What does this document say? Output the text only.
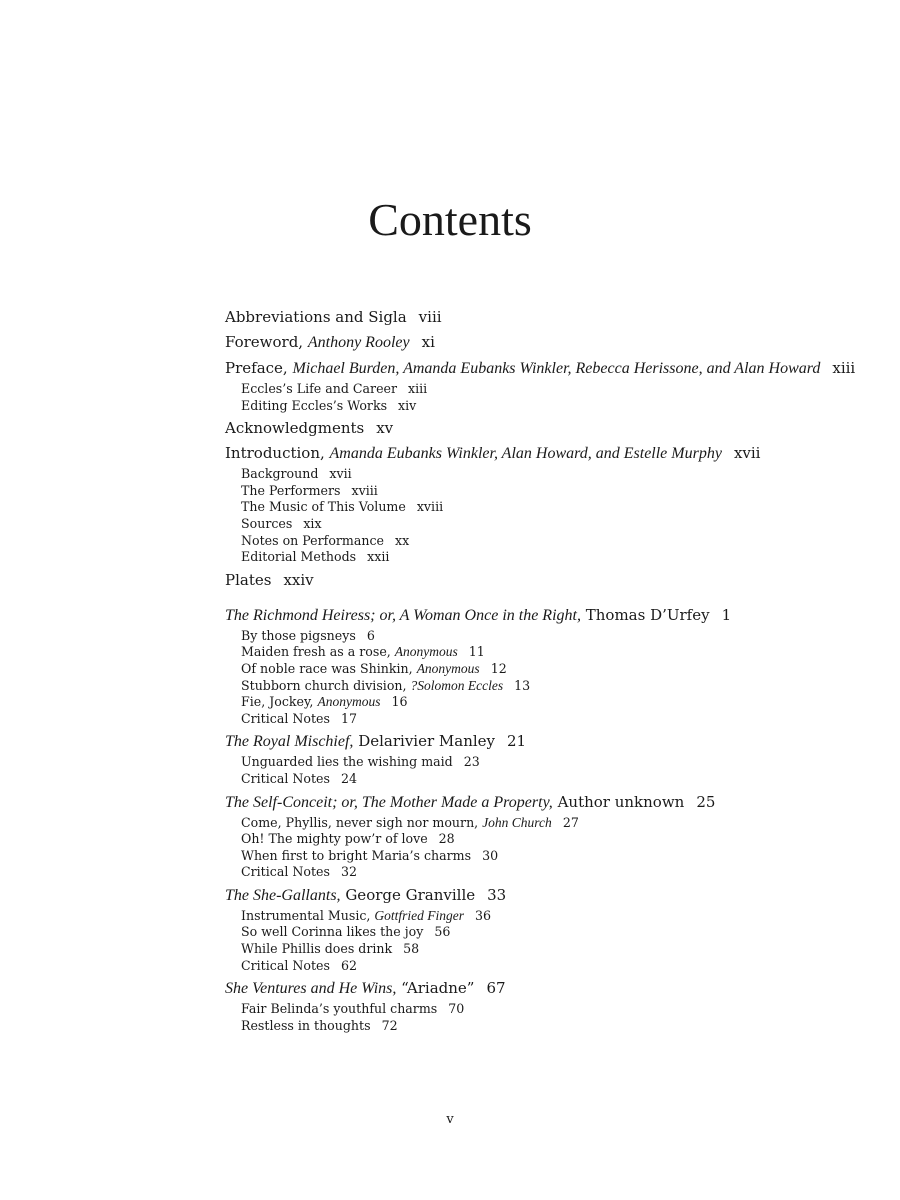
Contents
Abbreviations and Sigla viii
Foreword, Anthony Rooley xi
Preface, Michael Burden, Amanda Eubanks Winkler, Rebecca Herissone, and Alan Howard xiii
Eccles’s Life and Career xiii
Editing Eccles’s Works xiv
Acknowledgments xv
Introduction, Amanda Eubanks Winkler, Alan Howard, and Estelle Murphy xvii
Background xvii
The Performers xviii
The Music of This Volume xviii
Sources xix
Notes on Performance xx
Editorial Methods xxii
Plates xxiv
The Richmond Heiress; or, A Woman Once in the Right, Thomas D’Urfey 1
By those pigsneys 6
Maiden fresh as a rose, Anonymous 11
Of noble race was Shinkin, Anonymous 12
Stubborn church division, ?Solomon Eccles 13
Fie, Jockey, Anonymous 16
Critical Notes 17
The Royal Mischief, Delarivier Manley 21
Unguarded lies the wishing maid 23
Critical Notes 24
The Self-Conceit; or, The Mother Made a Property, Author unknown 25
Come, Phyllis, never sigh nor mourn, John Church 27
Oh! The mighty pow’r of love 28
When first to bright Maria’s charms 30
Critical Notes 32
The She-Gallants, George Granville 33
Instrumental Music, Gottfried Finger 36
So well Corinna likes the joy 56
While Phillis does drink 58
Critical Notes 62
She Ventures and He Wins, “Ariadne” 67
Fair Belinda’s youthful charms 70
Restless in thoughts 72
v
